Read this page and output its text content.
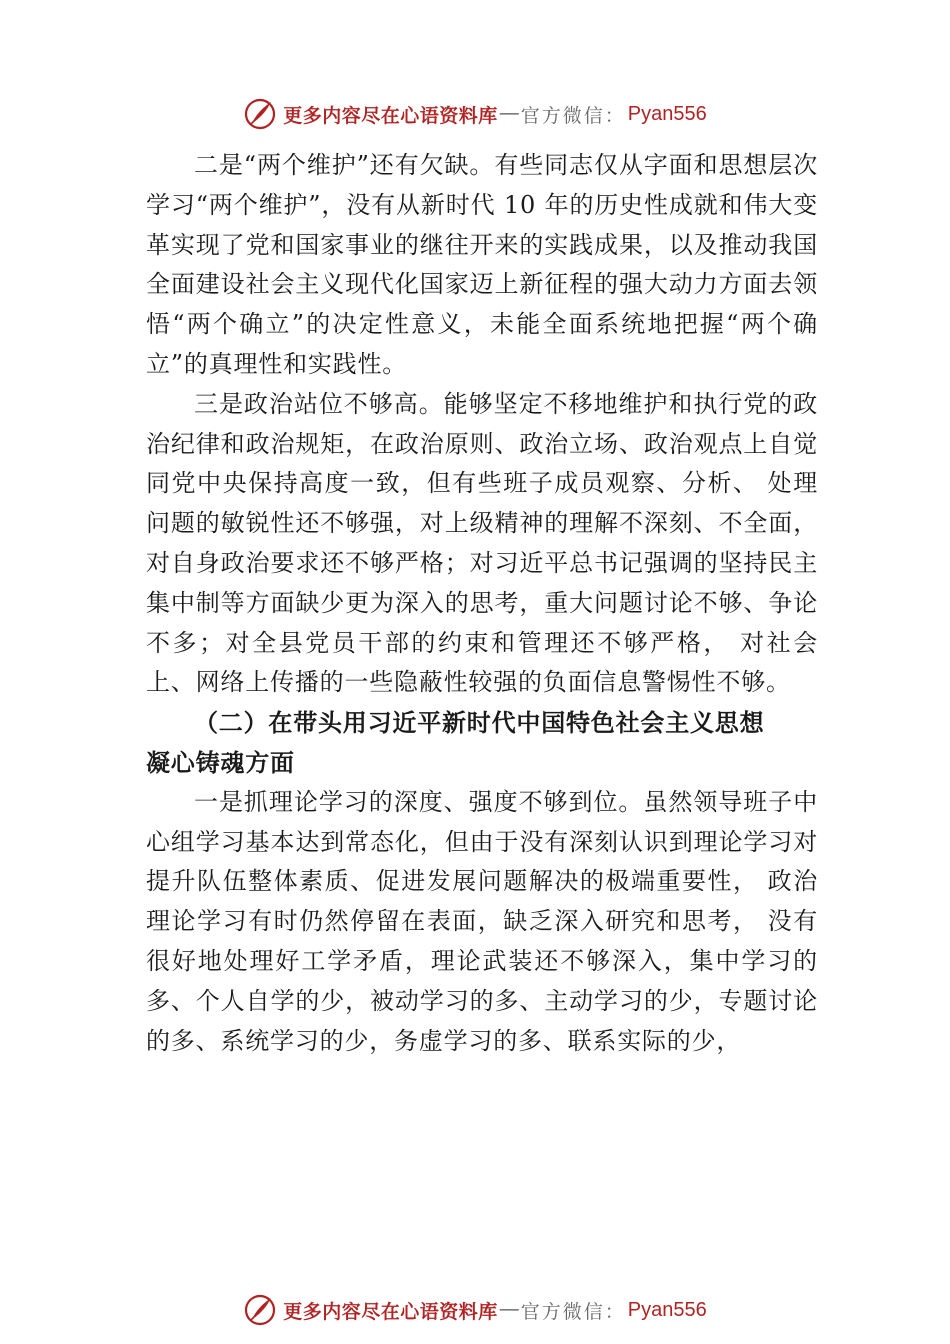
更多内容尽在心语资料库 — 官方微信： Pyan556

二是“两个维护”还有欠缺。有些同志仅从字面和思想层次学习“两个维护”，没有从新时代 10 年的历史性成就和伟大变革实现了党和国家事业的继往开来的实践成果，以及推动我国全面建设社会主义现代化国家迈上新征程的强大动力方面去领悟“两个确立”的决定性意义，未能全面系统地把握“两个确立”的真理性和实践性。

三是政治站位不够高。能够坚定不移地维护和执行党的政治纪律和政治规矩，在政治原则、政治立场、政治观点上自觉同党中央保持高度一致，但有些班子成员观察、分析、 处理问题的敏锐性还不够强，对上级精神的理解不深刻、不全面，对自身政治要求还不够严格；对习近平总书记强调的坚持民主集中制等方面缺少更为深入的思考，重大问题讨论不够、争论不多；对全县党员干部的约束和管理还不够严格， 对社会上、网络上传播的一些隐蔽性较强的负面信息警惕性不够。

（二）在带头用习近平新时代中国特色社会主义思想
凝心铸魂方面

一是抓理论学习的深度、强度不够到位。虽然领导班子中心组学习基本达到常态化，但由于没有深刻认识到理论学习对提升队伍整体素质、促进发展问题解决的极端重要性， 政治理论学习有时仍然停留在表面，缺乏深入研究和思考， 没有很好地处理好工学矛盾，理论武装还不够深入，集中学习的多、个人自学的少，被动学习的多、主动学习的少，专题讨论的多、系统学习的少，务虚学习的多、联系实际的少，

更多内容尽在心语资料库 — 官方微信： Pyan556
